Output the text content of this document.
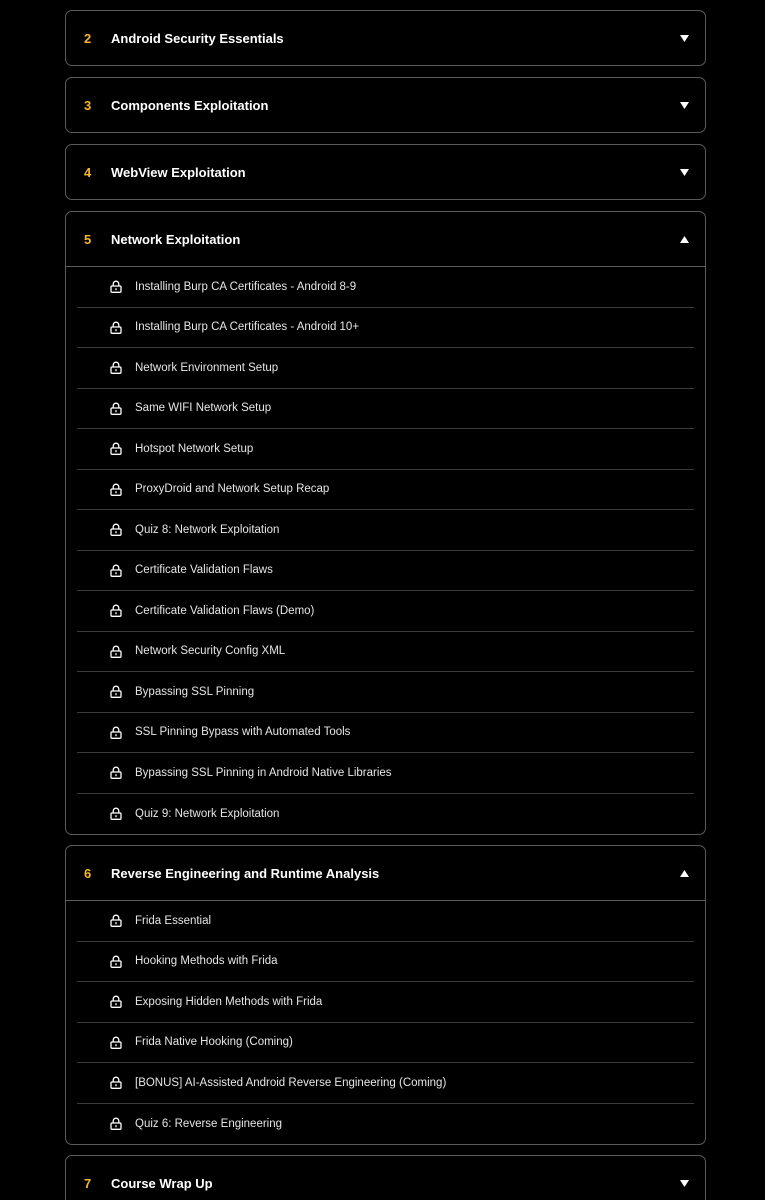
2	Android Security Essentials
3	Components Exploitation
4	WebView Exploitation
5	Network Exploitation
Installing Burp CA Certificates - Android 8-9
Installing Burp CA Certificates - Android 10+
Network Environment Setup
Same WIFI Network Setup
Hotspot Network Setup
ProxyDroid and Network Setup Recap
Quiz 8: Network Exploitation
Certificate Validation Flaws
Certificate Validation Flaws (Demo)
Network Security Config XML
Bypassing SSL Pinning
SSL Pinning Bypass with Automated Tools
Bypassing SSL Pinning in Android Native Libraries
Quiz 9: Network Exploitation
6	Reverse Engineering and Runtime Analysis
Frida Essential
Hooking Methods with Frida
Exposing Hidden Methods with Frida
Frida Native Hooking (Coming)
[BONUS] AI-Assisted Android Reverse Engineering (Coming)
Quiz 6: Reverse Engineering
7	Course Wrap Up
